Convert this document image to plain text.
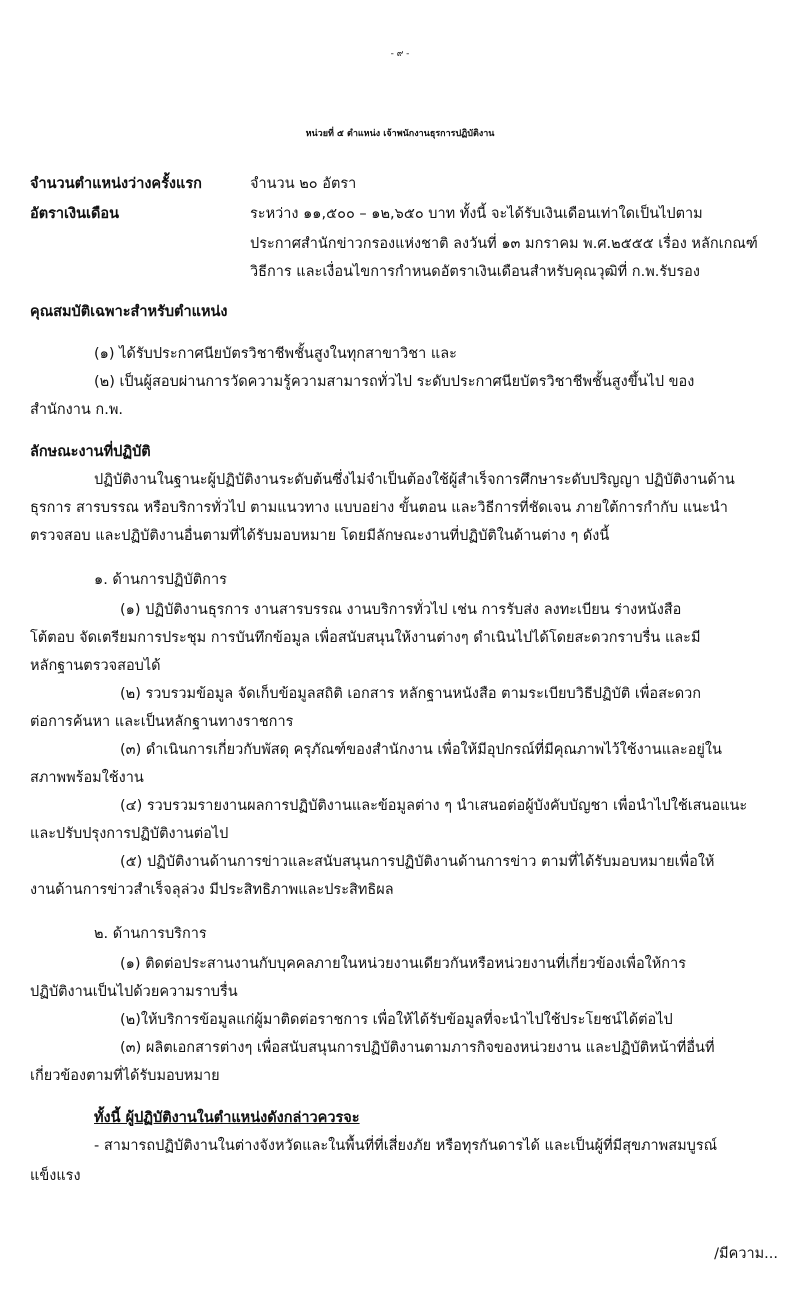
- ๙ -
หน่วยที่ ๕ ตำแหน่ง เจ้าพนักงานธุรการปฏิบัติงาน
จำนวนตำแหน่งว่างครั้งแรก	จำนวน ๒๐ อัตรา
อัตราเงินเดือน	ระหว่าง ๑๑,๕๐๐ – ๑๒,๖๕๐ บาท ทั้งนี้ จะได้รับเงินเดือนเท่าใดเป็นไปตาม
ประกาศสำนักข่าวกรองแห่งชาติ ลงวันที่ ๑๓ มกราคม พ.ศ.๒๕๕๕ เรื่อง หลักเกณฑ์
วิธีการ และเงื่อนไขการกำหนดอัตราเงินเดือนสำหรับคุณวุฒิที่ ก.พ.รับรอง
คุณสมบัติเฉพาะสำหรับตำแหน่ง
(๑) ได้รับประกาศนียบัตรวิชาชีพชั้นสูงในทุกสาขาวิชา และ
(๒) เป็นผู้สอบผ่านการวัดความรู้ความสามารถทั่วไป ระดับประกาศนียบัตรวิชาชีพชั้นสูงขึ้นไป ของ
สำนักงาน ก.พ.
ลักษณะงานที่ปฏิบัติ
ปฏิบัติงานในฐานะผู้ปฏิบัติงานระดับต้นซึ่งไม่จำเป็นต้องใช้ผู้สำเร็จการศึกษาระดับปริญญา ปฏิบัติงานด้าน
ธุรการ สารบรรณ หรือบริการทั่วไป ตามแนวทาง แบบอย่าง ขั้นตอน และวิธีการที่ชัดเจน ภายใต้การกำกับ แนะนำ
ตรวจสอบ และปฏิบัติงานอื่นตามที่ได้รับมอบหมาย โดยมีลักษณะงานที่ปฏิบัติในด้านต่าง ๆ ดังนี้
๑. ด้านการปฏิบัติการ
(๑) ปฏิบัติงานธุรการ งานสารบรรณ งานบริการทั่วไป เช่น การรับส่ง ลงทะเบียน ร่างหนังสือ
โต้ตอบ จัดเตรียมการประชุม การบันทึกข้อมูล เพื่อสนับสนุนให้งานต่างๆ ดำเนินไปได้โดยสะดวกราบรื่น และมี
หลักฐานตรวจสอบได้
(๒) รวบรวมข้อมูล จัดเก็บข้อมูลสถิติ เอกสาร หลักฐานหนังสือ ตามระเบียบวิธีปฏิบัติ เพื่อสะดวก
ต่อการค้นหา และเป็นหลักฐานทางราชการ
(๓) ดำเนินการเกี่ยวกับพัสดุ ครุภัณฑ์ของสำนักงาน เพื่อให้มีอุปกรณ์ที่มีคุณภาพไว้ใช้งานและอยู่ใน
สภาพพร้อมใช้งาน
(๔) รวบรวมรายงานผลการปฏิบัติงานและข้อมูลต่าง ๆ นำเสนอต่อผู้บังคับบัญชา เพื่อนำไปใช้เสนอแนะ
และปรับปรุงการปฏิบัติงานต่อไป
(๕) ปฏิบัติงานด้านการข่าวและสนับสนุนการปฏิบัติงานด้านการข่าว ตามที่ได้รับมอบหมายเพื่อให้
งานด้านการข่าวสำเร็จลุล่วง มีประสิทธิภาพและประสิทธิผล
๒. ด้านการบริการ
(๑) ติดต่อประสานงานกับบุคคลภายในหน่วยงานเดียวกันหรือหน่วยงานที่เกี่ยวข้องเพื่อให้การ
ปฏิบัติงานเป็นไปด้วยความราบรื่น
(๒)ให้บริการข้อมูลแก่ผู้มาติดต่อราชการ เพื่อให้ได้รับข้อมูลที่จะนำไปใช้ประโยชน์ได้ต่อไป
(๓) ผลิตเอกสารต่างๆ เพื่อสนับสนุนการปฏิบัติงานตามภารกิจของหน่วยงาน และปฏิบัติหน้าที่อื่นที่
เกี่ยวข้องตามที่ได้รับมอบหมาย
ทั้งนี้ ผู้ปฏิบัติงานในตำแหน่งดังกล่าวควรจะ
- สามารถปฏิบัติงานในต่างจังหวัดและในพื้นที่ที่เสี่ยงภัย หรือทุรกันดารได้ และเป็นผู้ที่มีสุขภาพสมบูรณ์
แข็งแรง
/มีความ...
